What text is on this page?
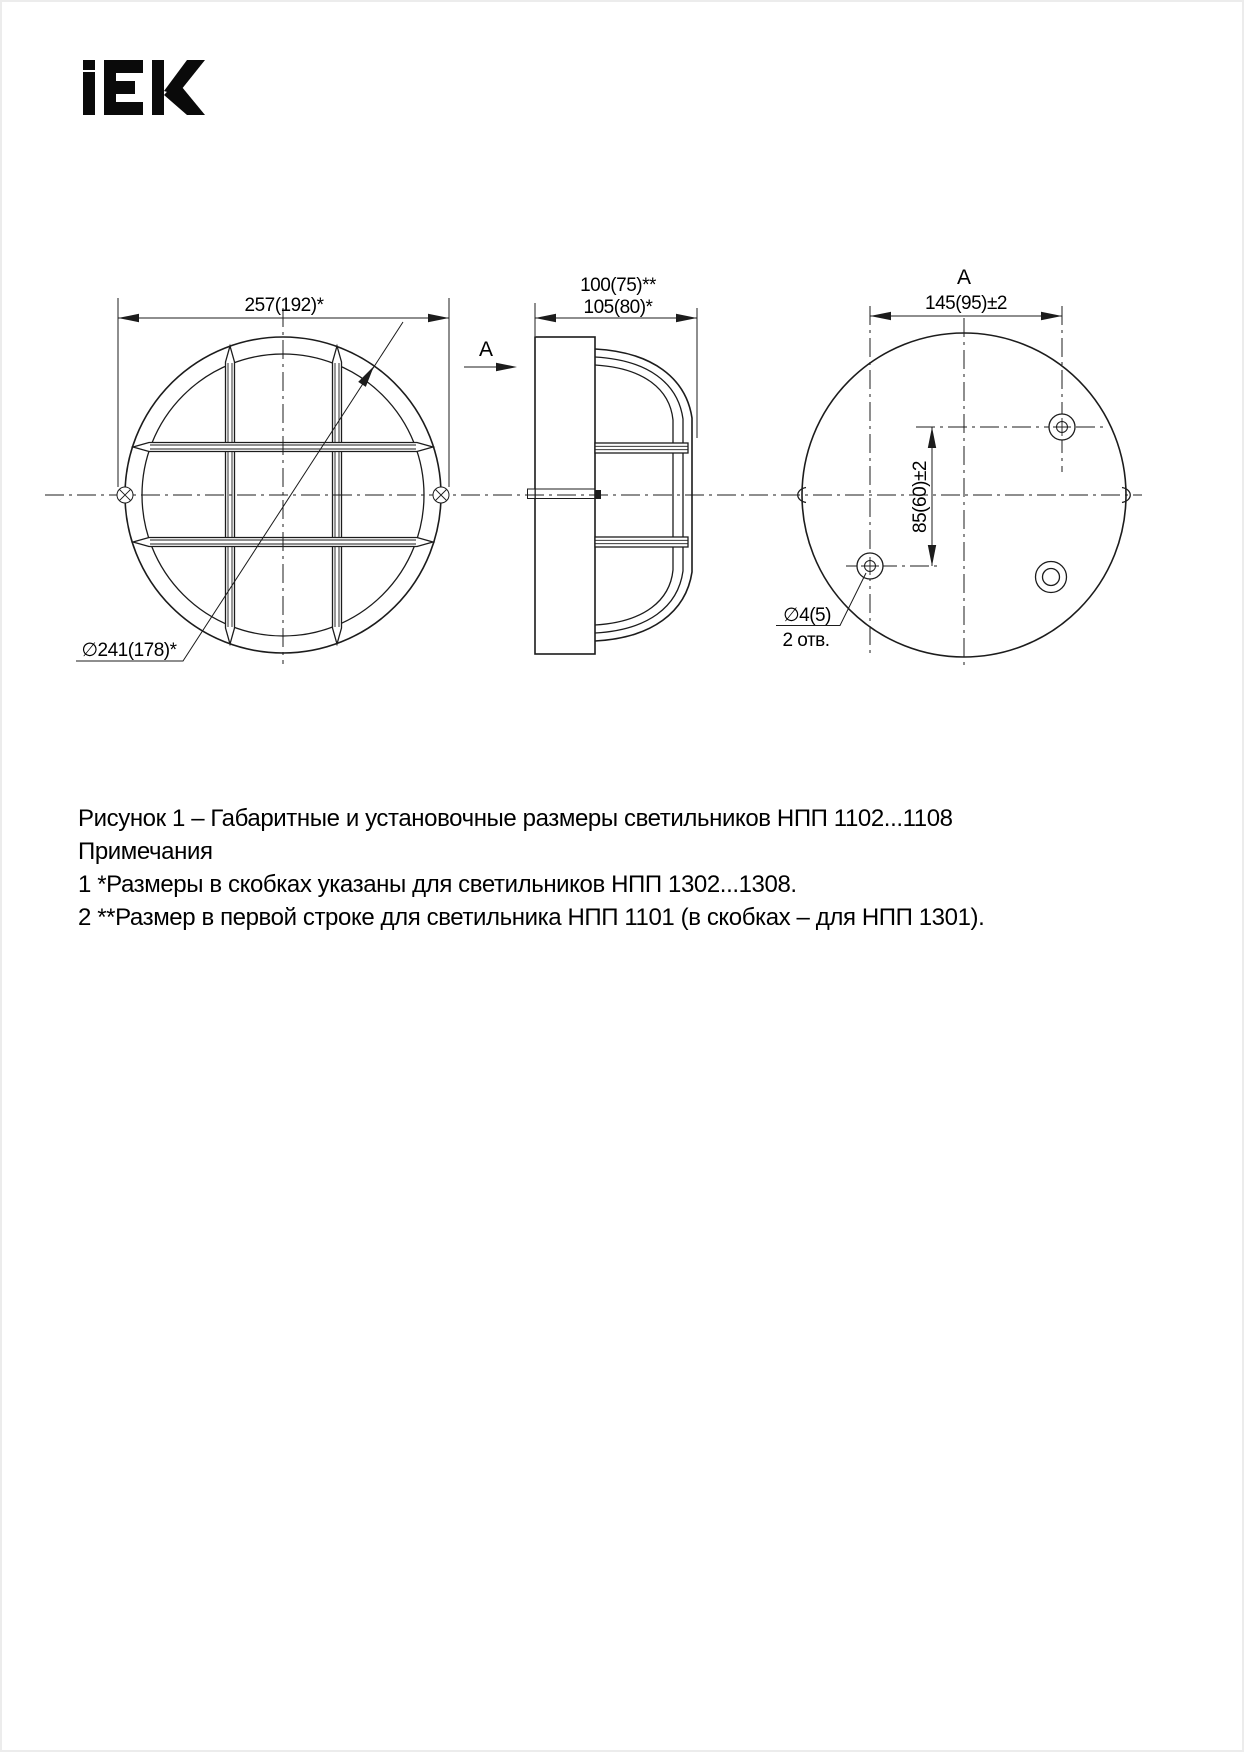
257(192)*
∅241(178)*
100(75)**
105(80)*
А
А
145(95)±2
85(60)±2
∅4(5)
2 отв.
Рисунок 1 – Габаритные и установочные размеры светильников НПП 1102...1108
Примечания
1 *Размеры в скобках указаны для светильников НПП 1302...1308.
2 **Размер в первой строке для светильника НПП 1101 (в скобках – для НПП 1301).
